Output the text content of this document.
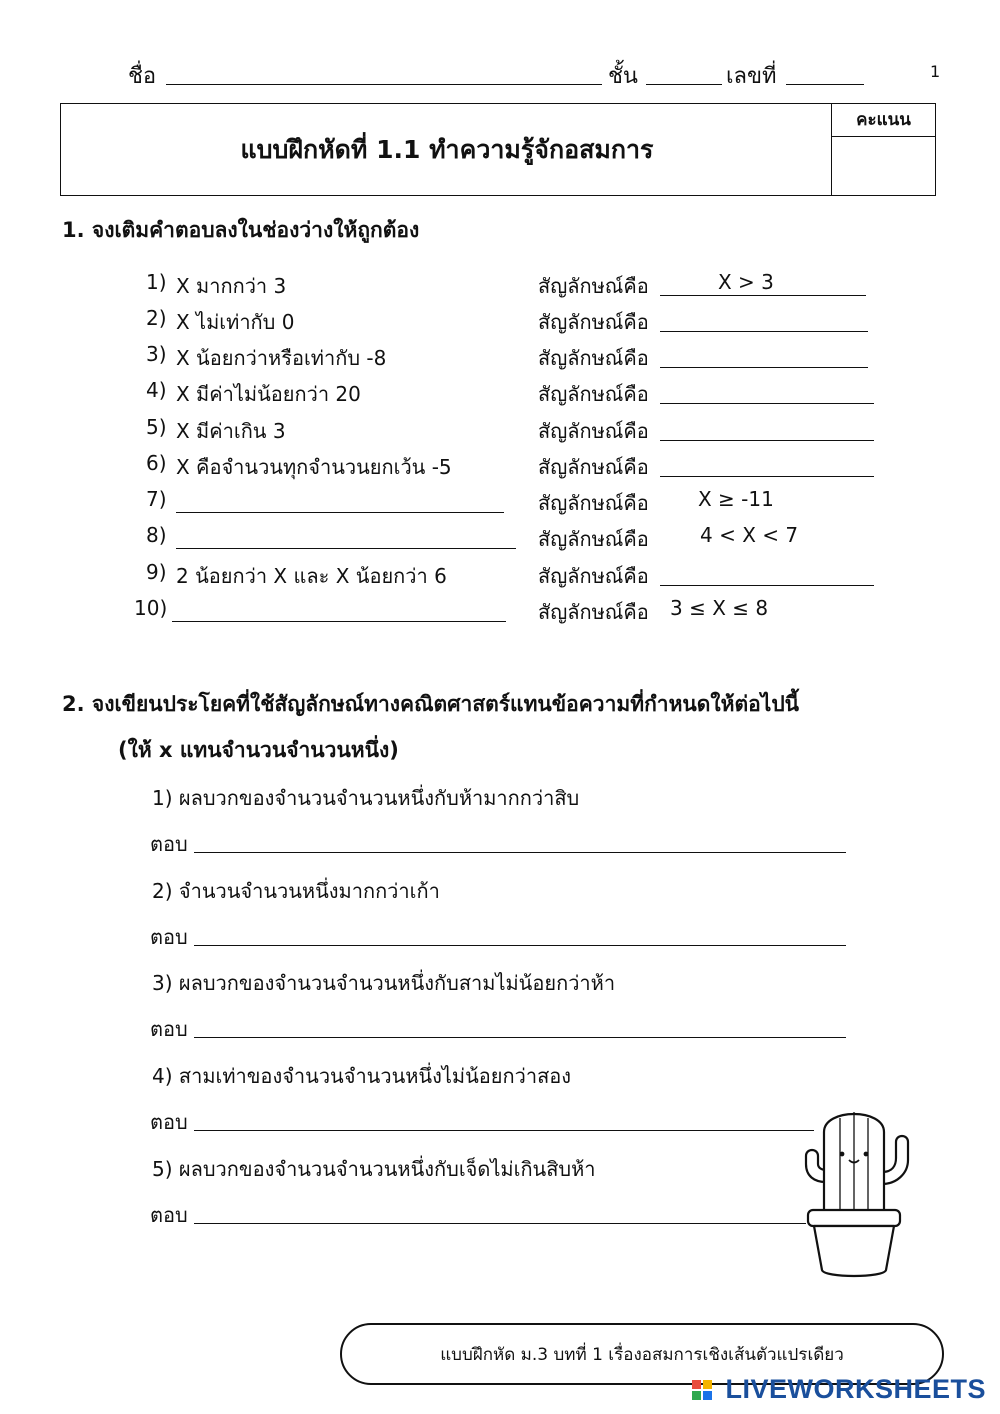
ชื่อ	ชั้น	เลขที่	1
แบบฝึกหัดที่ 1.1 ทำความรู้จักอสมการ
คะแนน
1. จงเติมคำตอบลงในช่องว่างให้ถูกต้อง
1) X มากกว่า 3	สัญลักษณ์คือ	X > 3
2) X ไม่เท่ากับ 0	สัญลักษณ์คือ
3) X น้อยกว่าหรือเท่ากับ -8	สัญลักษณ์คือ
4) X มีค่าไม่น้อยกว่า 20	สัญลักษณ์คือ
5) X มีค่าเกิน 3	สัญลักษณ์คือ
6) X คือจำนวนทุกจำนวนยกเว้น -5	สัญลักษณ์คือ
7)	สัญลักษณ์คือ X ≥ -11
8)	สัญลักษณ์คือ	4 < X < 7
9) 2 น้อยกว่า X และ X น้อยกว่า 6	สัญลักษณ์คือ
10)	สัญลักษณ์คือ 3 ≤ X ≤ 8
2. จงเขียนประโยคที่ใช้สัญลักษณ์ทางคณิตศาสตร์แทนข้อความที่กำหนดให้ต่อไปนี้
(ให้ x แทนจำนวนจำนวนหนึ่ง)
1) ผลบวกของจำนวนจำนวนหนึ่งกับห้ามากกว่าสิบ
ตอบ
2) จำนวนจำนวนหนึ่งมากกว่าเก้า
ตอบ
3) ผลบวกของจำนวนจำนวนหนึ่งกับสามไม่น้อยกว่าห้า
ตอบ
4) สามเท่าของจำนวนจำนวนหนึ่งไม่น้อยกว่าสอง
ตอบ
5) ผลบวกของจำนวนจำนวนหนึ่งกับเจ็ดไม่เกินสิบห้า
ตอบ
แบบฝึกหัด ม.3 บทที่ 1 เรื่องอสมการเชิงเส้นตัวแปรเดียว
LIVEWORKSHEETS
